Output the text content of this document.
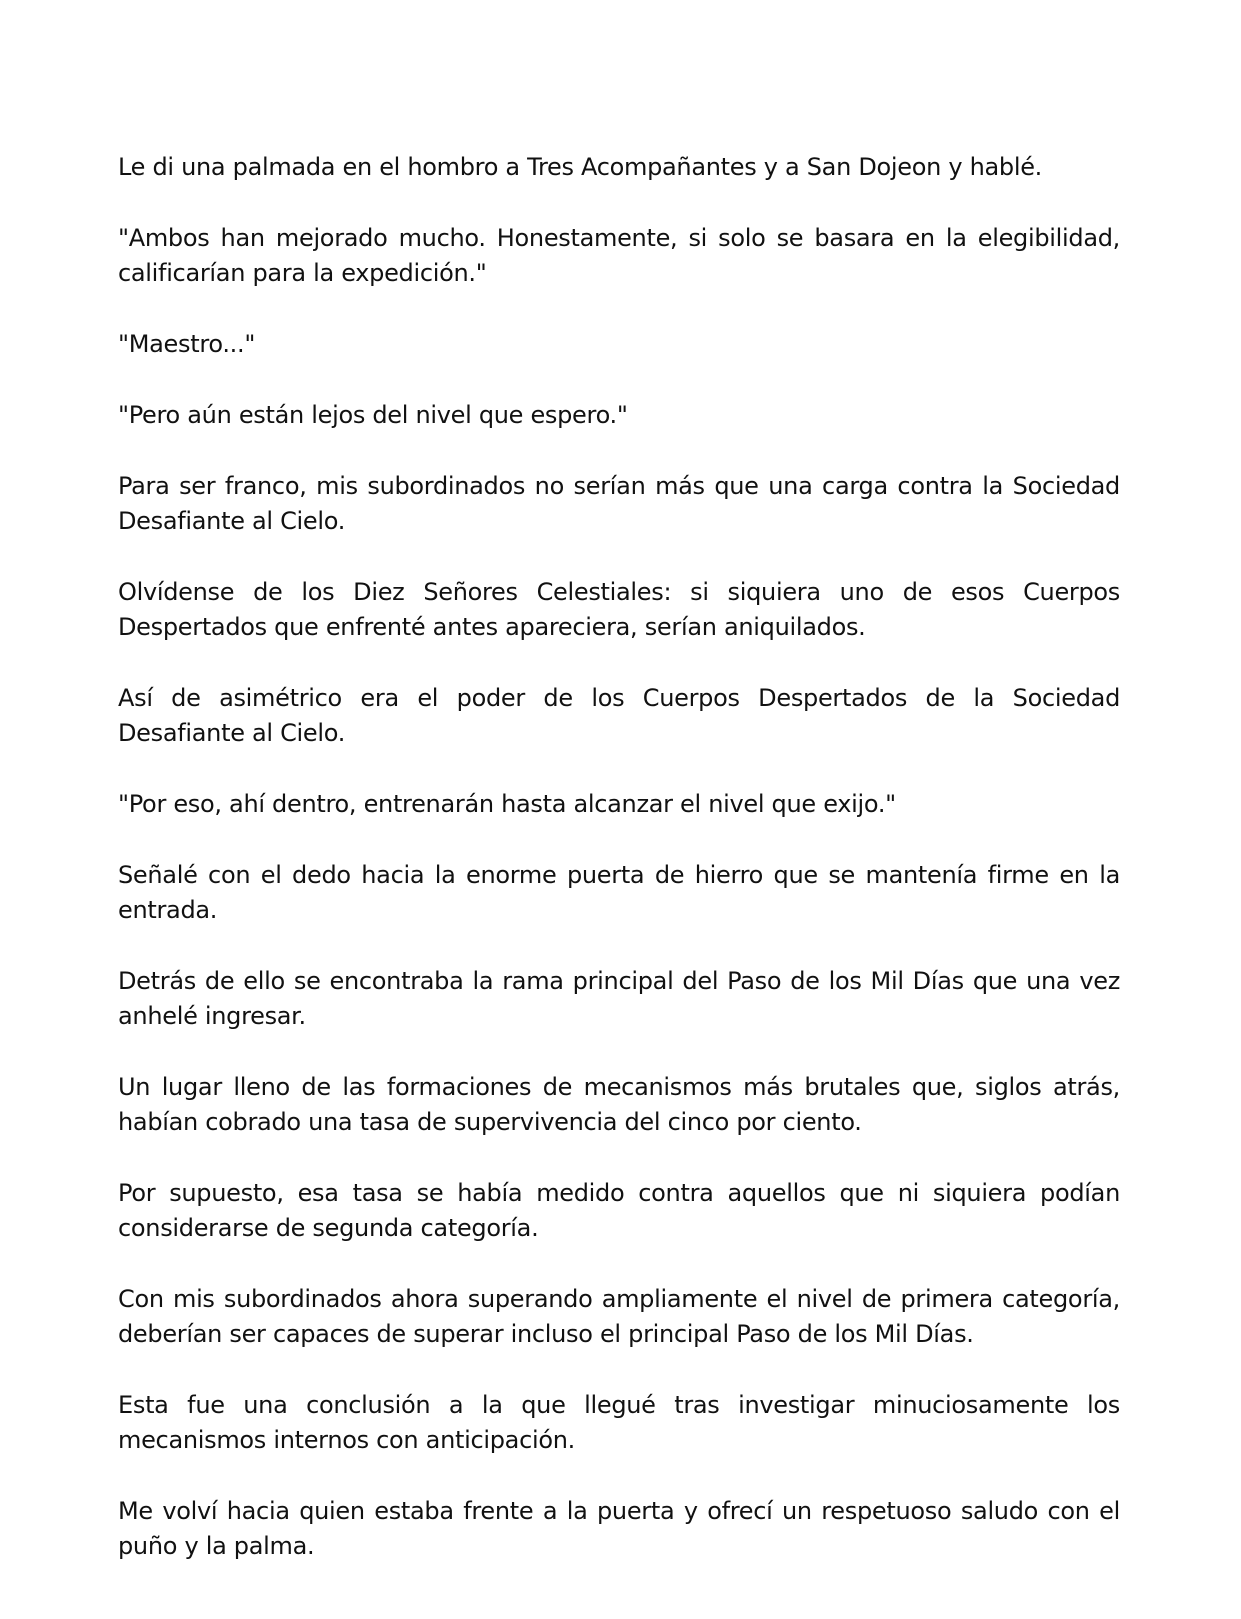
Le di una palmada en el hombro a Tres Acompañantes y a San Dojeon y hablé.

"Ambos han mejorado mucho. Honestamente, si solo se basara en la elegibilidad, calificarían para la expedición."

"Maestro..."

"Pero aún están lejos del nivel que espero."

Para ser franco, mis subordinados no serían más que una carga contra la Sociedad Desafiante al Cielo.

Olvídense de los Diez Señores Celestiales: si siquiera uno de esos Cuerpos Despertados que enfrenté antes apareciera, serían aniquilados.

Así de asimétrico era el poder de los Cuerpos Despertados de la Sociedad Desafiante al Cielo.

"Por eso, ahí dentro, entrenarán hasta alcanzar el nivel que exijo."

Señalé con el dedo hacia la enorme puerta de hierro que se mantenía firme en la entrada.

Detrás de ello se encontraba la rama principal del Paso de los Mil Días que una vez anhelé ingresar.

Un lugar lleno de las formaciones de mecanismos más brutales que, siglos atrás, habían cobrado una tasa de supervivencia del cinco por ciento.

Por supuesto, esa tasa se había medido contra aquellos que ni siquiera podían considerarse de segunda categoría.

Con mis subordinados ahora superando ampliamente el nivel de primera categoría, deberían ser capaces de superar incluso el principal Paso de los Mil Días.

Esta fue una conclusión a la que llegué tras investigar minuciosamente los mecanismos internos con anticipación.

Me volví hacia quien estaba frente a la puerta y ofrecí un respetuoso saludo con el puño y la palma.
